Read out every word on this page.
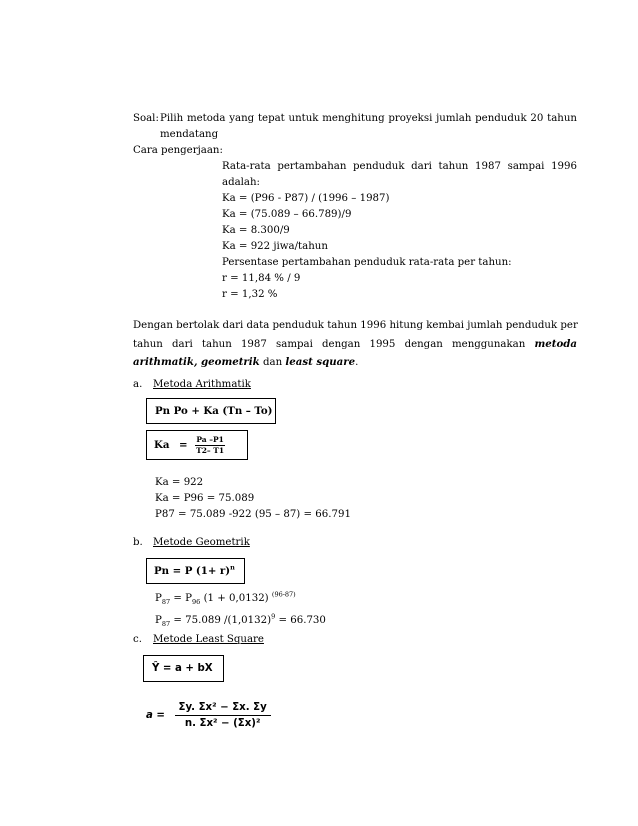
Soal: Pilih metoda yang tepat untuk menghitung proyeksi jumlah penduduk 20 tahun
mendatang
Cara pengerjaan:
Rata-rata pertambahan penduduk dari tahun 1987 sampai 1996
adalah:
Ka = (P96 - P87) / (1996 – 1987)
Ka = (75.089 – 66.789)/9
Ka = 8.300/9
Ka = 922 jiwa/tahun
Persentase pertambahan penduduk rata-rata per tahun:
r = 11,84 % / 9
r = 1,32 %
Dengan bertolak dari data penduduk tahun 1996 hitung kembai jumlah penduduk per
tahun dari tahun 1987 sampai dengan 1995 dengan menggunakan metoda
arithmatik, geometrik dan least square.
a. Metoda Arithmatik
Pn Po + Ka (Tn – To)
$Ka = \frac{Pa -P1}{T2- T1}$
Ka = 922
Ka = P96 = 75.089
P87 = 75.089 -922 (95 – 87) = 66.791
b. Metode Geometrik
Pn = P $(1+ r)^n$
$P_{87} = P_{96}$ (1 + 0,0132) $^{(96-87)}$
$P_{87} = 75.089$ $/(1,0132)^9 = 66.730$
c. Metode Least Square
Ŷ = a + bX
$a = \frac{\text{Σy. Σx² − Σx. Σy}}{\text{n. Σx² − (Σx)²}}$
